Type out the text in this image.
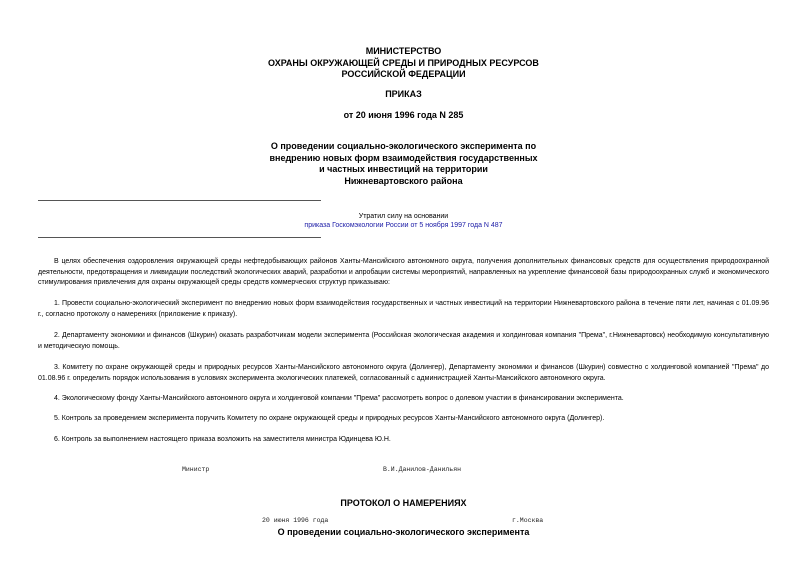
МИНИСТЕРСТВО
ОХРАНЫ ОКРУЖАЮЩЕЙ СРЕДЫ И ПРИРОДНЫХ РЕСУРСОВ
РОССИЙСКОЙ ФЕДЕРАЦИИ
ПРИКАЗ
от 20 июня 1996 года N 285
О проведении социально-экологического эксперимента по
внедрению новых форм взаимодействия государственных
и частных инвестиций на территории
Нижневартовского района
Утратил силу на основании
приказа Госкомэкологии России от 5 ноября 1997 года N 487
В целях обеспечения оздоровления окружающей среды нефтедобывающих районов Ханты-Мансийского автономного округа, получения дополнительных финансовых средств для осуществления природоохранной деятельности, предотвращения и ликвидации последствий экологических аварий, разработки и апробации системы мероприятий, направленных на укрепление финансовой базы природоохранных служб и экономического стимулирования привлечения для охраны окружающей среды средств коммерческих структур приказываю:
1. Провести социально-экологический эксперимент по внедрению новых форм взаимодействия государственных и частных инвестиций на территории Нижневартовского района в течение пяти лет, начиная с 01.09.96 г., согласно протоколу о намерениях (приложение к приказу).
2. Департаменту экономики и финансов (Шкурин) оказать разработчикам модели эксперимента (Российская экологическая академия и холдинговая компания "Према", г.Нижневартовск) необходимую консультативную и методическую помощь.
3. Комитету по охране окружающей среды и природных ресурсов Ханты-Мансийского автономного округа (Долингер), Департаменту экономики и финансов (Шкурин) совместно с холдинговой компанией "Према" до 01.08.96 г. определить порядок использования в условиях эксперимента экологических платежей, согласованный с администрацией Ханты-Мансийского автономного округа.
4. Экологическому фонду Ханты-Мансийского автономного округа и холдинговой компании "Према" рассмотреть вопрос о долевом участии в финансировании эксперимента.
5. Контроль за проведением эксперимента поручить Комитету по охране окружающей среды и природных ресурсов Ханты-Мансийского автономного округа (Долингер).
6. Контроль за выполнением настоящего приказа возложить на заместителя министра Юдинцева Ю.Н.
Министр	В.И.Данилов-Данильян
ПРОТОКОЛ О НАМЕРЕНИЯХ
20 июня 1996 года	г.Москва
О проведении социально-экологического эксперимента
